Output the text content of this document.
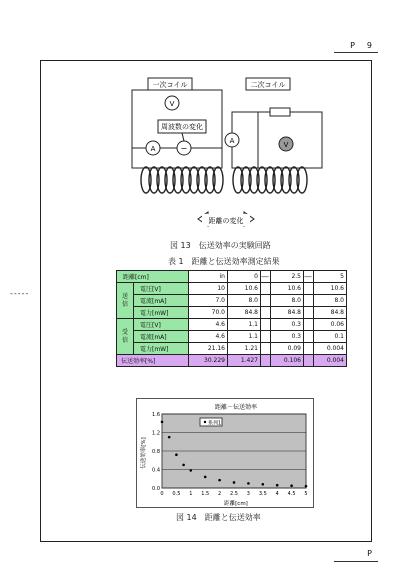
P　9
-----
一次コイル
V
A	∽
周波数の変化
二次コイル
A	V
距離の変化
図 13　伝送効率の実験回路
表 1　距離と伝送効率測定結果
距離[cm]		in	0	—	2.5	—	5
送
信	電圧[V]	10	10.6		10.6		10.6
	電流[mA]	7.0	8.0		8.0		8.0
	電力[mW]	70.0	84.8		84.8		84.8
受
信	電圧[V]	4.6	1.1		0.3		0.06
	電流[mA]	4.6	1.1		0.3		0.1
	電力[mW]	21.16	1.21		0.09		0.004
伝送効率[%]		30.229	1.427		0.106		0.004
距離－伝送効率
0.0
0.4
0.8
1.2
1.6
0 0.5 1 1.5 2 2.5 3 3.5 4 4.5 5
伝送効率[%]
距離[cm]
系列1
図 14　距離と伝送効率
P
